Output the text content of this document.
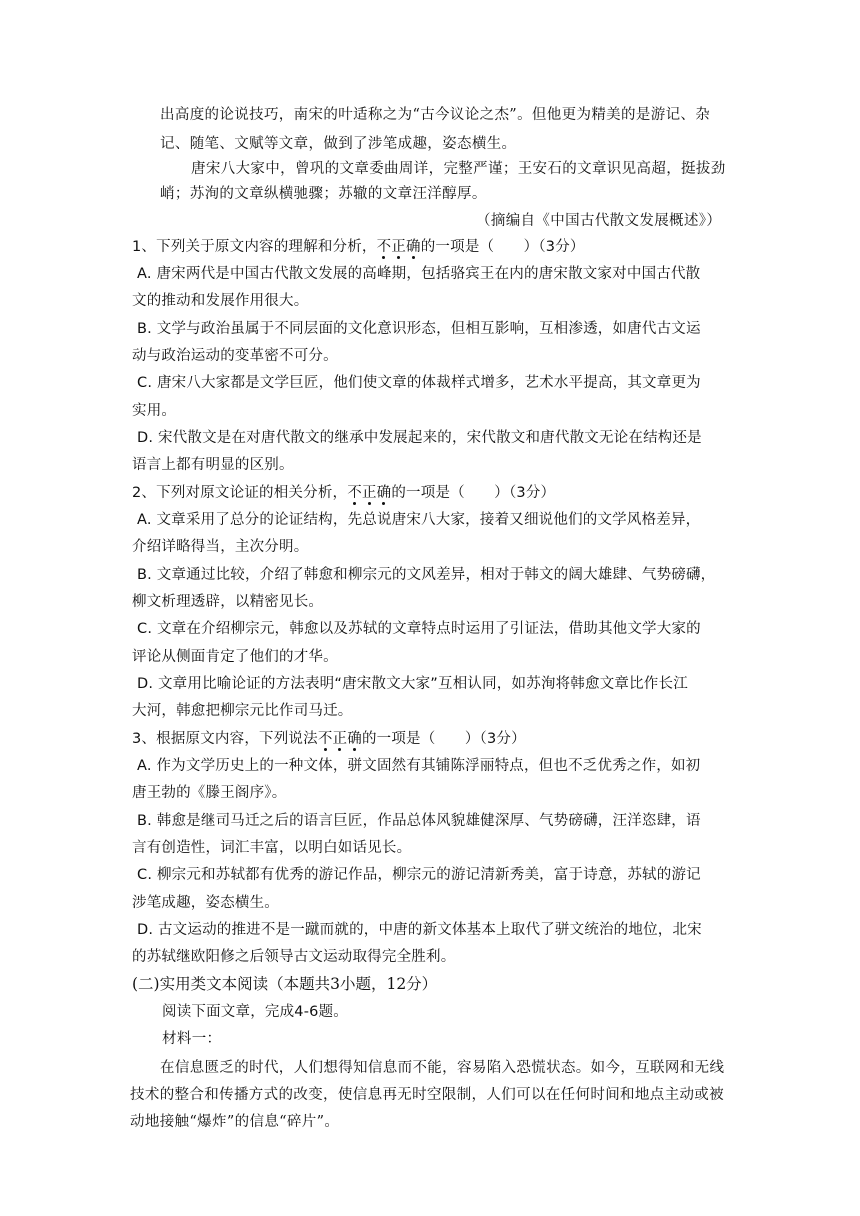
出高度的论说技巧，南宋的叶适称之为“古今议论之杰”。但他更为精美的是游记、杂
记、随笔、文赋等文章，做到了涉笔成趣，姿态横生。
唐宋八大家中，曾巩的文章委曲周详，完整严谨；王安石的文章识见高超，挺拔劲
峭；苏洵的文章纵横驰骤；苏辙的文章汪洋醇厚。
（摘编自《中国古代散文发展概述》）
1、下列关于原文内容的理解和分析，不正确的一项是（　　）（3分）
A. 唐宋两代是中国古代散文发展的高峰期，包括骆宾王在内的唐宋散文家对中国古代散
文的推动和发展作用很大。
B. 文学与政治虽属于不同层面的文化意识形态，但相互影响，互相渗透，如唐代古文运
动与政治运动的变革密不可分。
C. 唐宋八大家都是文学巨匠，他们使文章的体裁样式增多，艺术水平提高，其文章更为
实用。
D. 宋代散文是在对唐代散文的继承中发展起来的，宋代散文和唐代散文无论在结构还是
语言上都有明显的区别。
2、下列对原文论证的相关分析，不正确的一项是（　　）（3分）
A. 文章采用了总分的论证结构，先总说唐宋八大家，接着又细说他们的文学风格差异，
介绍详略得当，主次分明。
B. 文章通过比较，介绍了韩愈和柳宗元的文风差异，相对于韩文的阔大雄肆、气势磅礴，
柳文析理透辟，以精密见长。
C. 文章在介绍柳宗元，韩愈以及苏轼的文章特点时运用了引证法，借助其他文学大家的
评论从侧面肯定了他们的才华。
D. 文章用比喻论证的方法表明“唐宋散文大家”互相认同，如苏洵将韩愈文章比作长江
大河，韩愈把柳宗元比作司马迁。
3、根据原文内容，下列说法不正确的一项是（　　）（3分）
A. 作为文学历史上的一种文体，骈文固然有其铺陈浮丽特点，但也不乏优秀之作，如初
唐王勃的《滕王阁序》。
B. 韩愈是继司马迁之后的语言巨匠，作品总体风貌雄健深厚、气势磅礴，汪洋恣肆，语
言有创造性，词汇丰富，以明白如话见长。
C. 柳宗元和苏轼都有优秀的游记作品，柳宗元的游记清新秀美，富于诗意，苏轼的游记
涉笔成趣，姿态横生。
D. 古文运动的推进不是一蹴而就的，中唐的新文体基本上取代了骈文统治的地位，北宋
的苏轼继欧阳修之后领导古文运动取得完全胜利。
(二)实用类文本阅读（本题共3小题，12分）
阅读下面文章，完成4-6题。
材料一：
在信息匮乏的时代，人们想得知信息而不能，容易陷入恐慌状态。如今，互联网和无线
技术的整合和传播方式的改变，使信息再无时空限制，人们可以在任何时间和地点主动或被
动地接触“爆炸”的信息“碎片”。
